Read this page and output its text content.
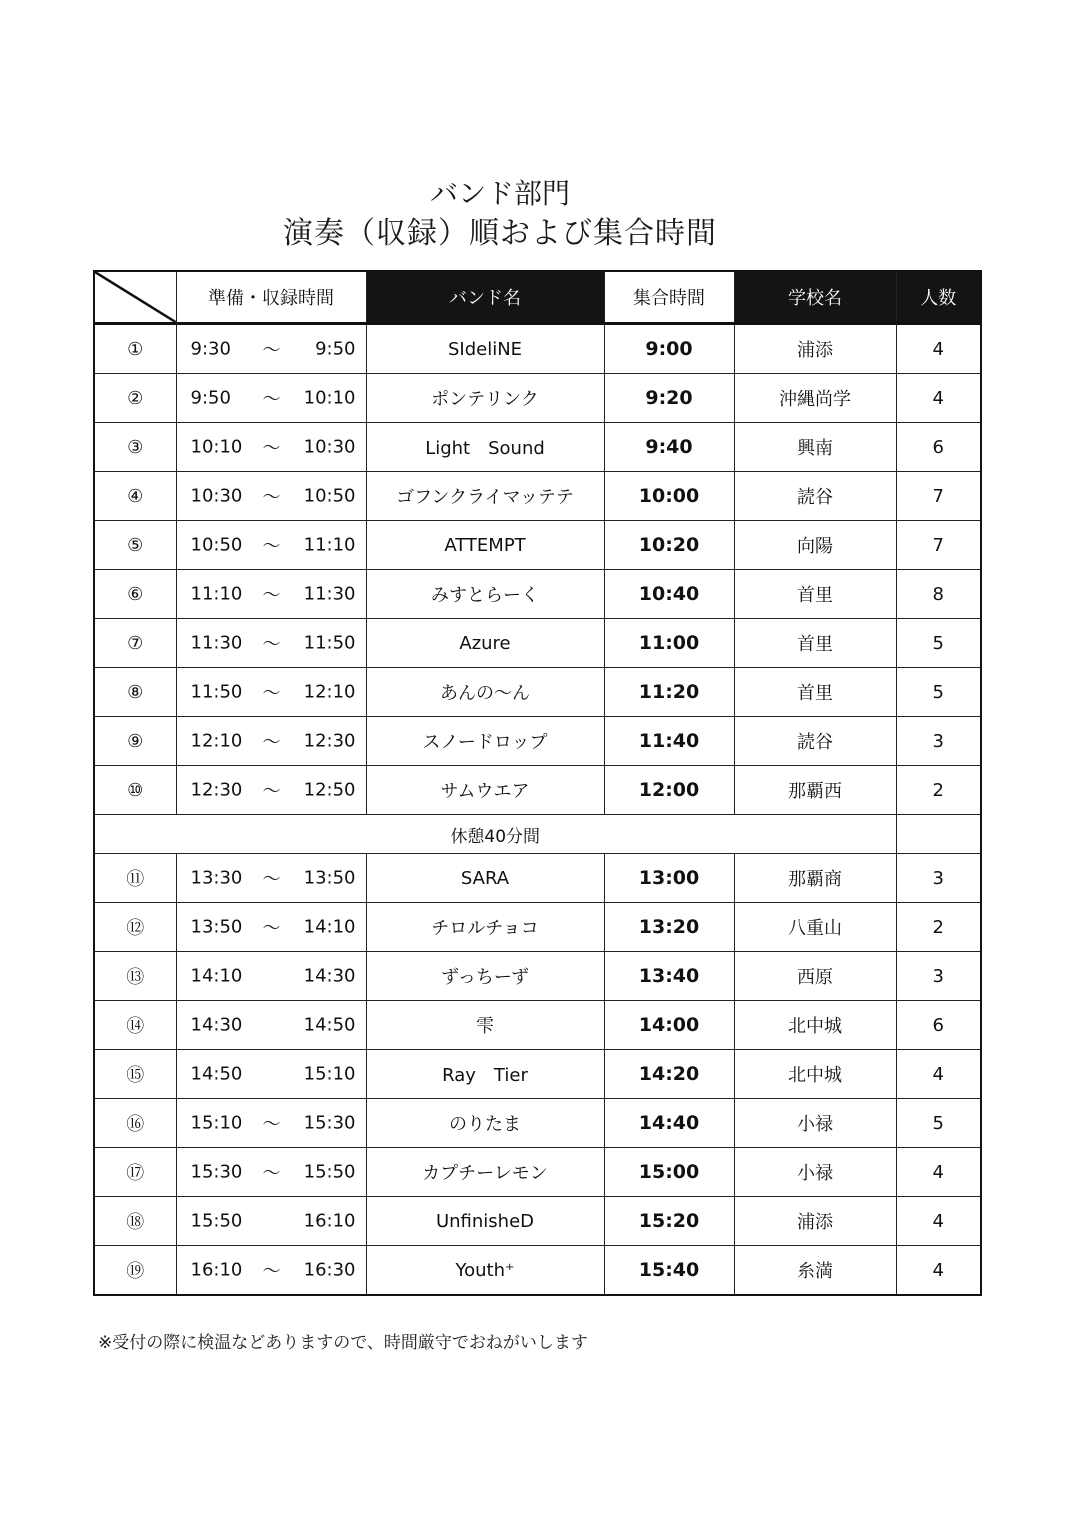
バンド部門
演奏（収録）順および集合時間
	準備・収録時間	バンド名	集合時間	学校名	人数
①	9:30 ～ 9:50	SIdeliNE	9:00	浦添	4
②	9:50 ～ 10:10	ポンテリンク	9:20	沖縄尚学	4
③	10:10 ～ 10:30	Light　Sound	9:40	興南	6
④	10:30 ～ 10:50	ゴフンクライマッテテ	10:00	読谷	7
⑤	10:50 ～ 11:10	ATTEMPT	10:20	向陽	7
⑥	11:10 ～ 11:30	みすとらーく	10:40	首里	8
⑦	11:30 ～ 11:50	Azure	11:00	首里	5
⑧	11:50 ～ 12:10	あんの～ん	11:20	首里	5
⑨	12:10 ～ 12:30	スノードロップ	11:40	読谷	3
⑩	12:30 ～ 12:50	サムウエア	12:00	那覇西	2
休憩40分間					
⑪	13:30 ～ 13:50	SARA	13:00	那覇商	3
⑫	13:50 ～ 14:10	チロルチョコ	13:20	八重山	2
⑬	14:10 14:30	ずっちーず	13:40	西原	3
⑭	14:30 14:50	雫	14:00	北中城	6
⑮	14:50 15:10	Ray　Tier	14:20	北中城	4
⑯	15:10 ～ 15:30	のりたま	14:40	小禄	5
⑰	15:30 ～ 15:50	カプチーレモン	15:00	小禄	4
⑱	15:50 16:10	UnfinisheD	15:20	浦添	4
⑲	16:10 ～ 16:30	Youth⁺	15:40	糸満	4
※受付の際に検温などありますので、時間厳守でおねがいします
